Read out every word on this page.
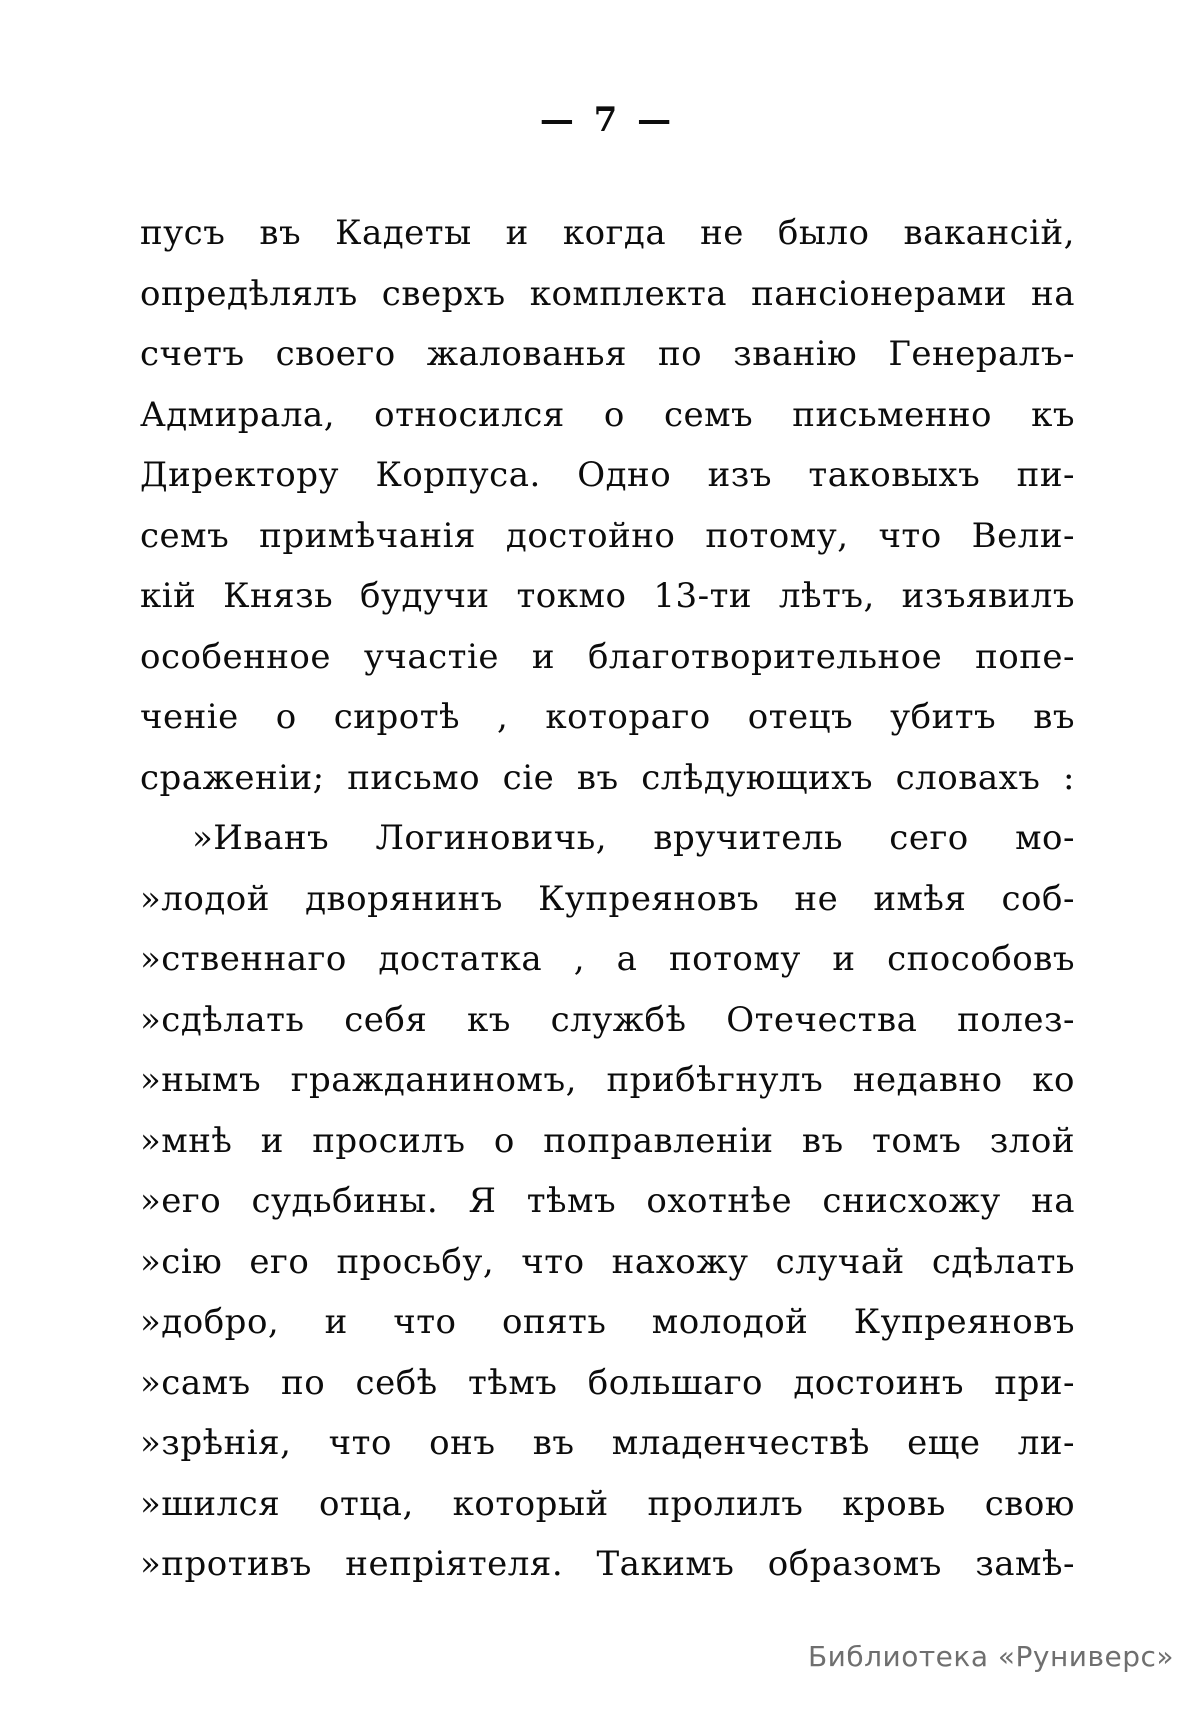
— 7 —
пусъ въ Кадеты и когда не было вакансій,
опредѣлялъ сверхъ комплекта пансіонерами на
счетъ своего жалованья по званію Генералъ-
Адмирала, относился о семъ письменно къ
Директору Корпуса. Одно изъ таковыхъ пи-
семъ примѣчанія достойно потому, что Вели-
кій Князь будучи токмо 13-ти лѣтъ, изъявилъ
особенное участіе и благотворительное попе-
ченіе о сиротѣ , котораго отецъ убитъ въ
сраженіи; письмо сіе въ слѣдующихъ словахъ :
»Иванъ Логиновичь, вручитель сего мо-
»лодой дворянинъ Купреяновъ не имѣя соб-
»ственнаго достатка , а потому и способовъ
»сдѣлать себя къ службѣ Отечества полез-
»нымъ гражданиномъ, прибѣгнулъ недавно ко
»мнѣ и просилъ о поправленіи въ томъ злой
»его судьбины. Я тѣмъ охотнѣе снисхожу на
»сію его просьбу, что нахожу случай сдѣлать
»добро, и что опять молодой Купреяновъ
»самъ по себѣ тѣмъ большаго достоинъ при-
»зрѣнія, что онъ въ младенчествѣ еще ли-
»шился отца, который пролилъ кровь свою
»противъ непріятеля. Такимъ образомъ замѣ-
Библиотека «Руниверс»
